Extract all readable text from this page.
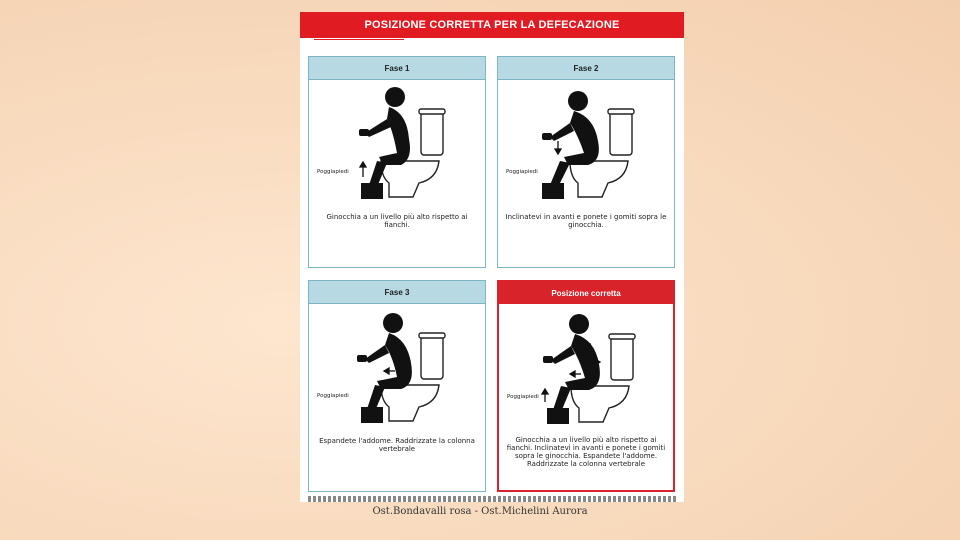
POSIZIONE CORRETTA PER LA DEFECAZIONE
Fase 1
Poggiapiedi
Ginocchia a un livello più alto rispetto ai fianchi.
Fase 2
Poggiapiedi
Inclinatevi in avanti e ponete i gomiti sopra le ginocchia.
Fase 3
Poggiapiedi
Espandete l'addome. Raddrizzate la colonna vertebrale
Posizione corretta
Poggiapiedi
Ginocchia a un livello più alto rispetto ai fianchi. Inclinatevi in avanti e ponete i gomiti sopra le ginocchia. Espandete l'addome. Raddrizzate la colonna vertebrale
Ost.Bondavalli rosa - Ost.Michelini Aurora
